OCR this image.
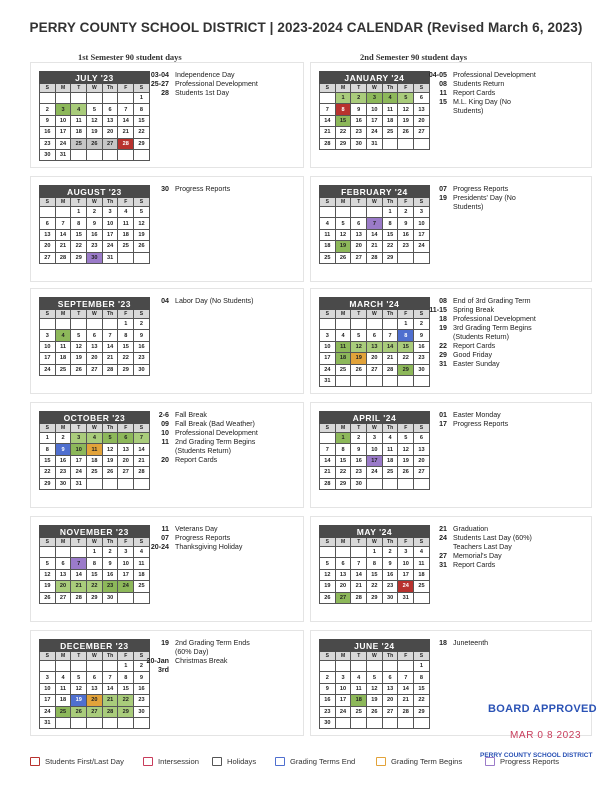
PERRY COUNTY SCHOOL DISTRICT | 2023-2024 CALENDAR (Revised March 6, 2023)
1st Semester 90 student days	2nd Semester 90 student days
JULY '23						
S	M	T	W	Th	F	S
						1
2	3	4	5	6	7	8
9	10	11	12	13	14	15
16	17	18	19	20	21	22
23	24	25	26	27	28	29
30	31					
03-04 Independence Day
25-27 Professional Development
28 Students 1st Day
JANUARY '24						
S	M	T	W	Th	F	S
	1	2	3	4	5	6
7	8	9	10	11	12	13
14	15	16	17	18	19	20
21	22	23	24	25	26	27
28	29	30	31			
04-05 Professional Development
08 Students Return
11 Report Cards
15 M.L. King Day (No
Students)
AUGUST '23						
S	M	T	W	Th	F	S
		1	2	3	4	5
6	7	8	9	10	11	12
13	14	15	16	17	18	19
20	21	22	23	24	25	26
27	28	29	30	31		
30 Progress Reports	FEBRUARY '24						
S	M	T	W	Th	F	S
				1	2	3
4	5	6	7	8	9	10
11	12	13	14	15	16	17
18	19	20	21	22	23	24
25	26	27	28	29		
07 Progress Reports
19 Presidents' Day (No
Students)
SEPTEMBER '23						
S	M	T	W	Th	F	S
					1	2
3	4	5	6	7	8	9
10	11	12	13	14	15	16
17	18	19	20	21	22	23
24	25	26	27	28	29	30
04 Labor Day (No Students)	MARCH '24						
S	M	T	W	Th	F	S
					1	2
3	4	5	6	7	8	9
10	11	12	13	14	15	16
17	18	19	20	21	22	23
24	25	26	27	28	29	30
31						
08 End of 3rd Grading Term
11-15 Spring Break
18 Professional Development
19 3rd Grading Term Begins
(Students Return)
22 Report Cards
29 Good Friday
31 Easter Sunday
OCTOBER '23						
S	M	T	W	Th	F	S
1	2	3	4	5	6	7
8	9	10	11	12	13	14
15	16	17	18	19	20	21
22	23	24	25	26	27	28
29	30	31				
2-6 Fall Break
09 Fall Break (Bad Weather)
10 Professional Development
11 2nd Grading Term Begins
(Students Return)
20 Report Cards
APRIL '24						
S	M	T	W	Th	F	S
	1	2	3	4	5	6
7	8	9	10	11	12	13
14	15	16	17	18	19	20
21	22	23	24	25	26	27
28	29	30				
01 Easter Monday
17 Progress Reports
NOVEMBER '23						
S	M	T	W	Th	F	S
			1	2	3	4
5	6	7	8	9	10	11
12	13	14	15	16	17	18
19	20	21	22	23	24	25
26	27	28	29	30		
11 Veterans Day
07 Progress Reports
20-24 Thanksgiving Holiday
MAY '24						
S	M	T	W	Th	F	S
			1	2	3	4
5	6	7	8	9	10	11
12	13	14	15	16	17	18
19	20	21	22	23	24	25
26	27	28	29	30	31	
21 Graduation
24 Students Last Day (60%)
Teachers Last Day
27 Memorial's Day
31 Report Cards
DECEMBER '23						
S	M	T	W	Th	F	S
					1	2
3	4	5	6	7	8	9
10	11	12	13	14	15	16
17	18	19	20	21	22	23
24	25	26	27	28	29	30
31						
19 2nd Grading Term Ends
(60% Day)
20-Jan 3rd
Christmas Break
JUNE '24						
S	M	T	W	Th	F	S
						1
2	3	4	5	6	7	8
9	10	11	12	13	14	15
16	17	18	19	20	21	22
23	24	25	26	27	28	29
30						
18 Juneteenth
Students First/Last Day	Intersession	Holidays	Grading Terms End	Grading Term Begins	Progress Reports
BOARD APPROVED
MAR 0 8 2023
PERRY COUNTY SCHOOL DISTRICT
